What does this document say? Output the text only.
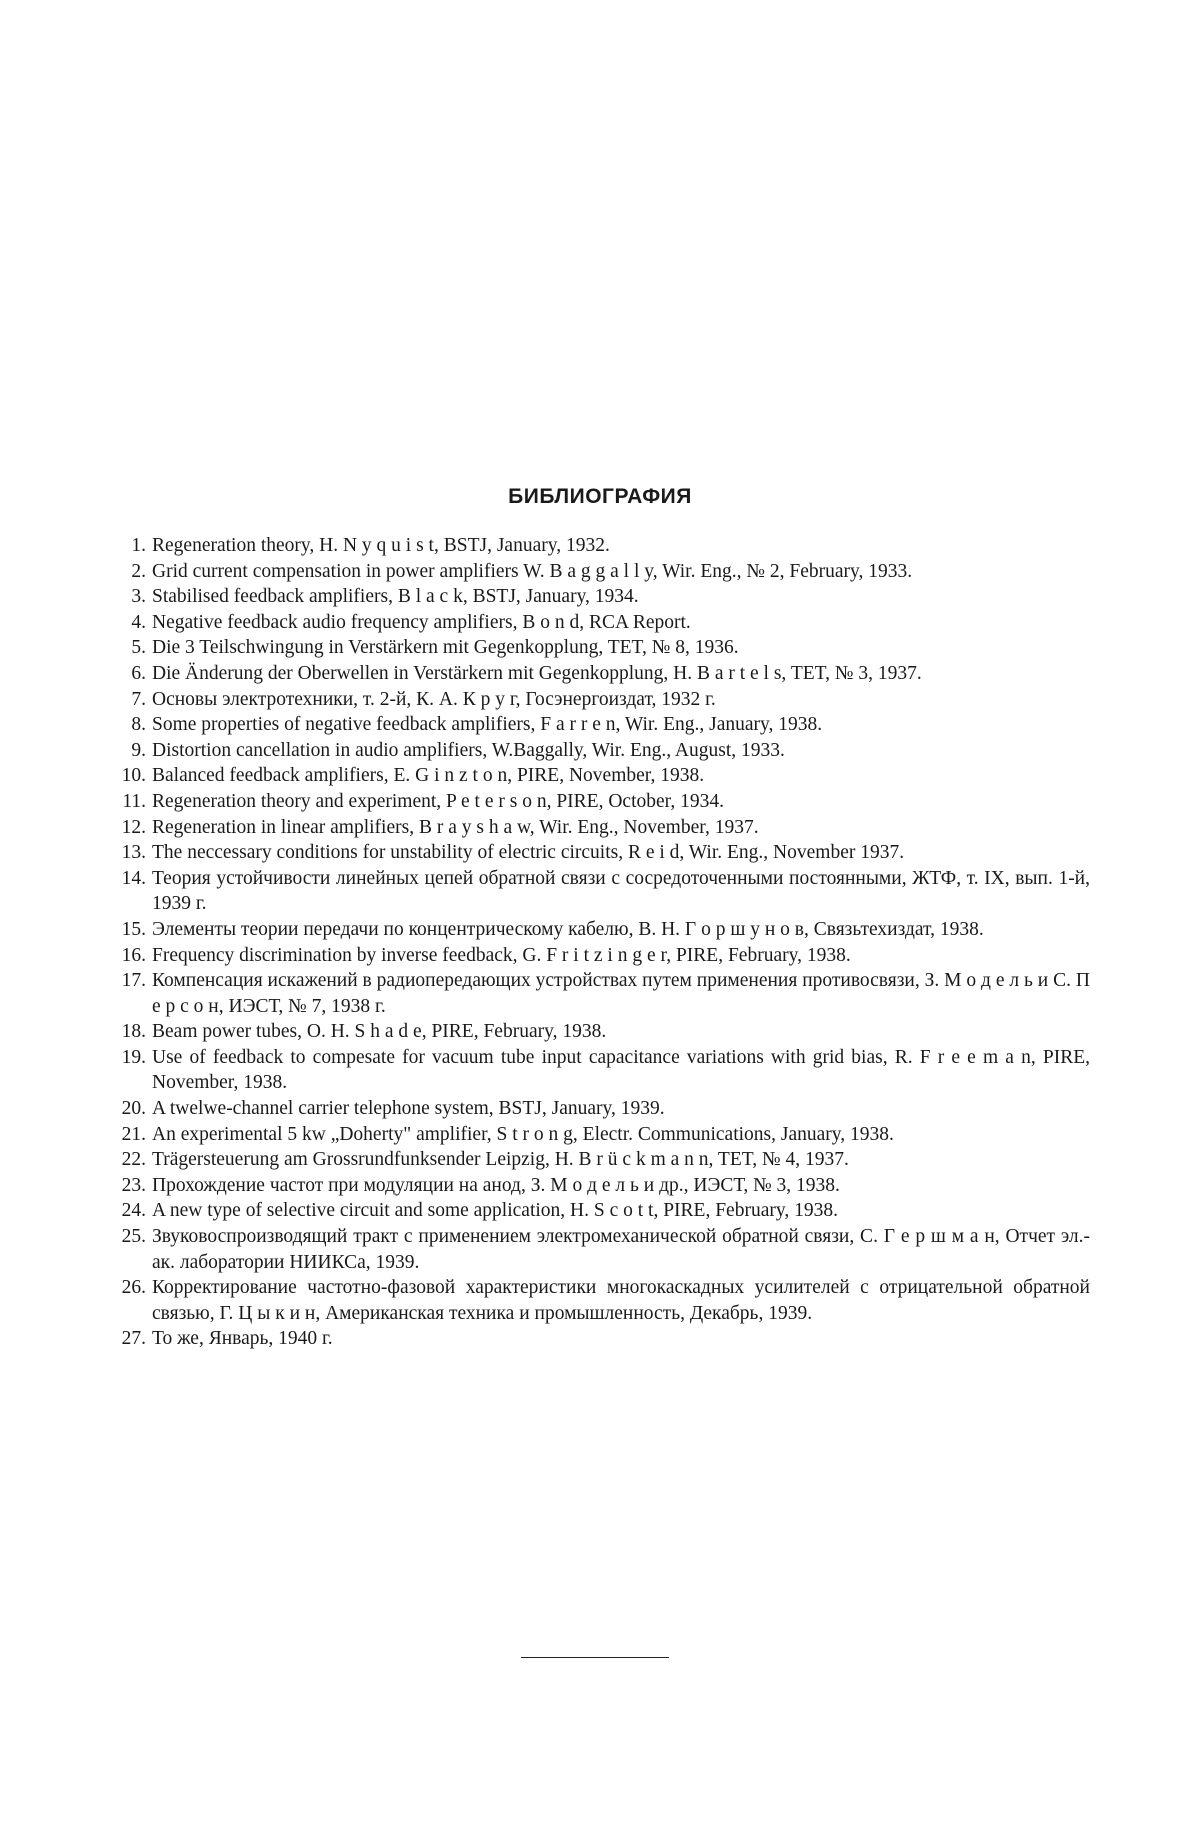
БИБЛИОГРАФИЯ
1. Regeneration theory, H. N y q u i s t, BSTJ, January, 1932.
2. Grid current compensation in power amplifiers W. B a g g a l l y, Wir. Eng., № 2, February, 1933.
3. Stabilised feedback amplifiers, B l a c k, BSTJ, January, 1934.
4. Negative feedback audio frequency amplifiers, B o n d, RCA Report.
5. Die 3 Teilschwingung in Verstärkern mit Gegenkopplung, TET, № 8, 1936.
6. Die Änderung der Oberwellen in Verstärkern mit Gegenkopplung, H. B a r t e l s, TET, № 3, 1937.
7. Основы электротехники, т. 2-й, К. А. К р у г, Госэнергоиздат, 1932 г.
8. Some properties of negative feedback amplifiers, F a r r e n, Wir. Eng., January, 1938.
9. Distortion cancellation in audio amplifiers, W.Baggally, Wir. Eng., August, 1933.
10. Balanced feedback amplifiers, E. G i n z t o n, PIRE, November, 1938.
11. Regeneration theory and experiment, P e t e r s o n, PIRE, October, 1934.
12. Regeneration in linear amplifiers, B r a y s h a w, Wir. Eng., November, 1937.
13. The neccessary conditions for unstability of electric circuits, R e i d, Wir. Eng., November 1937.
14. Теория устойчивости линейных цепей обратной связи с сосредоточенными постоянными, ЖТФ, т. IX, вып. 1-й, 1939 г.
15. Элементы теории передачи по концентрическому кабелю, В. Н. Г о р ш у н о в, Связьтехиздат, 1938.
16. Frequency discrimination by inverse feedback, G. F r i t z i n g e r, PIRE, February, 1938.
17. Компенсация искажений в радиопередающих устройствах путем применения противосвязи, З. М о д е л ь и С. П е р с о н, ИЭСТ, № 7, 1938 г.
18. Beam power tubes, O. H. S h a d e, PIRE, February, 1938.
19. Use of feedback to compesate for vacuum tube input capacitance variations with grid bias, R. F r e e m a n, PIRE, November, 1938.
20. A twelwe-channel carrier telephone system, BSTJ, January, 1939.
21. An experimental 5 kw „Doherty" amplifier, S t r o n g, Electr. Communications, January, 1938.
22. Trägersteuerung am Grossrundfunksender Leipzig, H. B r ü c k m a n n, TET, № 4, 1937.
23. Прохождение частот при модуляции на анод, З. М о д е л ь и др., ИЭСТ, № 3, 1938.
24. A new type of selective circuit and some application, H. S c o t t, PIRE, February, 1938.
25. Звуковоспроизводящий тракт с применением электромеханической обратной связи, С. Г е р ш м а н, Отчет эл.-ак. лаборатории НИИКСа, 1939.
26. Корректирование частотно-фазовой характеристики многокаскадных усилителей с отрицательной обратной связью, Г. Ц ы к и н, Американская техника и промышленность, Декабрь, 1939.
27. То же, Январь, 1940 г.
